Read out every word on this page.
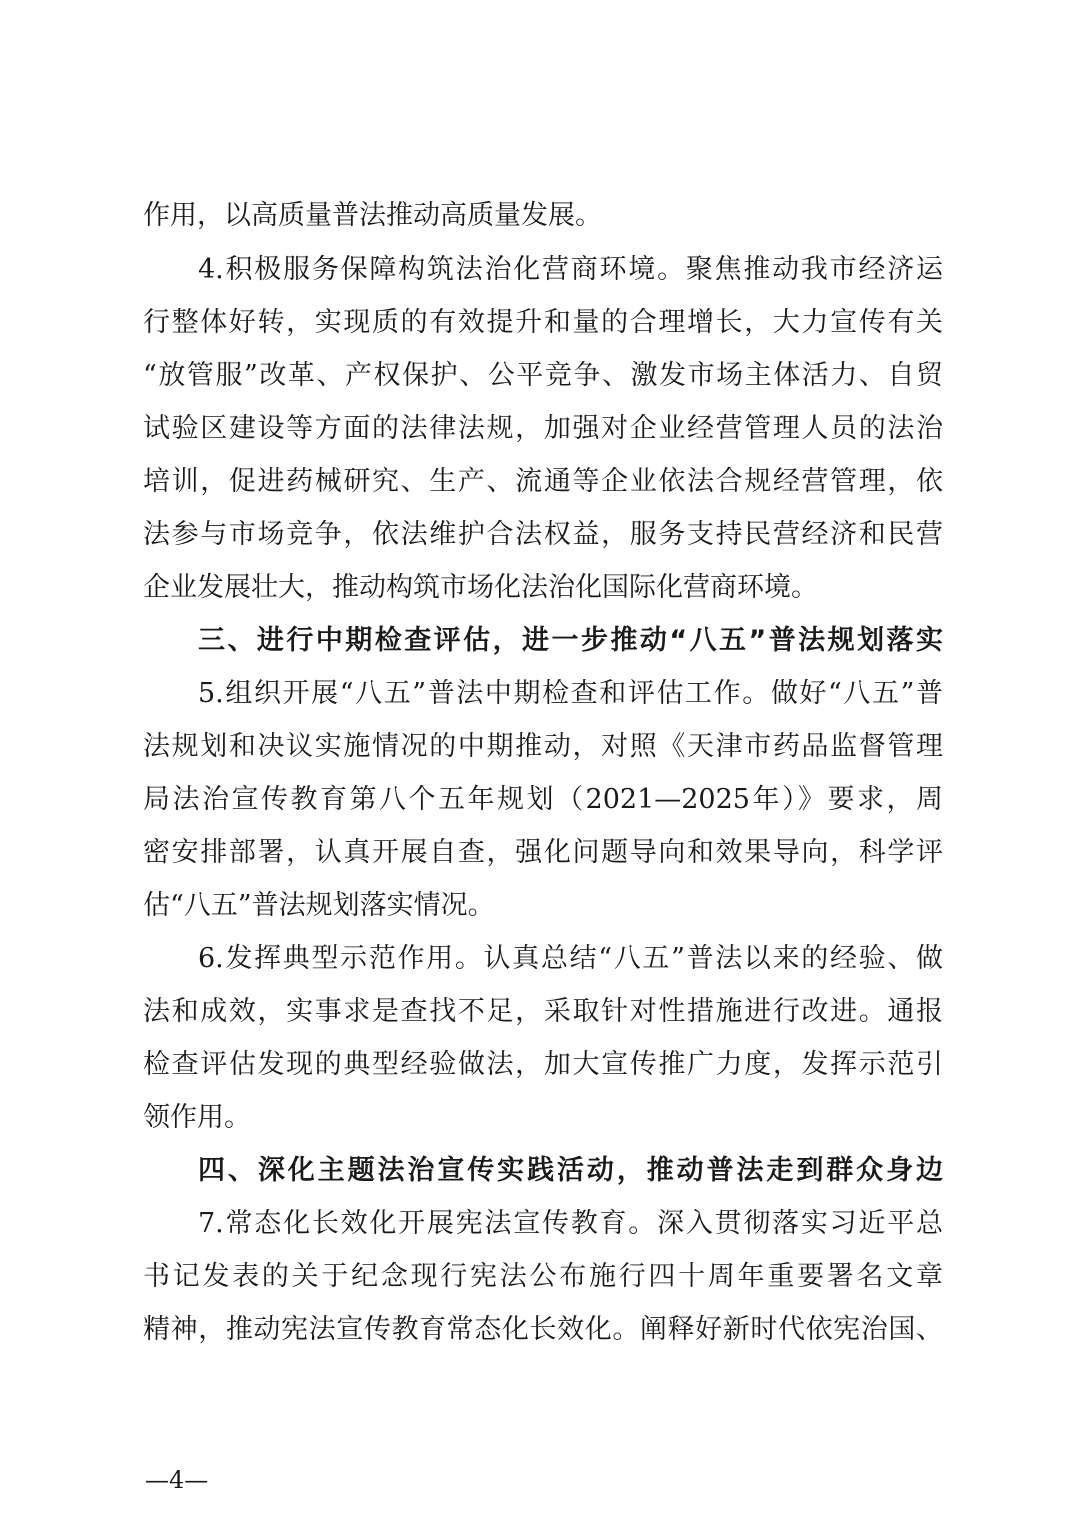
作用，以高质量普法推动高质量发展。
4.积极服务保障构筑法治化营商环境。聚焦推动我市经济运
行整体好转，实现质的有效提升和量的合理增长，大力宣传有关
“放管服”改革、产权保护、公平竞争、激发市场主体活力、自贸
试验区建设等方面的法律法规，加强对企业经营管理人员的法治
培训，促进药械研究、生产、流通等企业依法合规经营管理，依
法参与市场竞争，依法维护合法权益，服务支持民营经济和民营
企业发展壮大，推动构筑市场化法治化国际化营商环境。
三、进行中期检查评估，进一步推动“八五”普法规划落实
5.组织开展“八五”普法中期检查和评估工作。做好“八五”普
法规划和决议实施情况的中期推动，对照《天津市药品监督管理
局法治宣传教育第八个五年规划（2021—2025年）》要求，周
密安排部署，认真开展自查，强化问题导向和效果导向，科学评
估“八五”普法规划落实情况。
6.发挥典型示范作用。认真总结“八五”普法以来的经验、做
法和成效，实事求是查找不足，采取针对性措施进行改进。通报
检查评估发现的典型经验做法，加大宣传推广力度，发挥示范引
领作用。
四、深化主题法治宣传实践活动，推动普法走到群众身边
7.常态化长效化开展宪法宣传教育。深入贯彻落实习近平总
书记发表的关于纪念现行宪法公布施行四十周年重要署名文章
精神，推动宪法宣传教育常态化长效化。阐释好新时代依宪治国、
—4—
